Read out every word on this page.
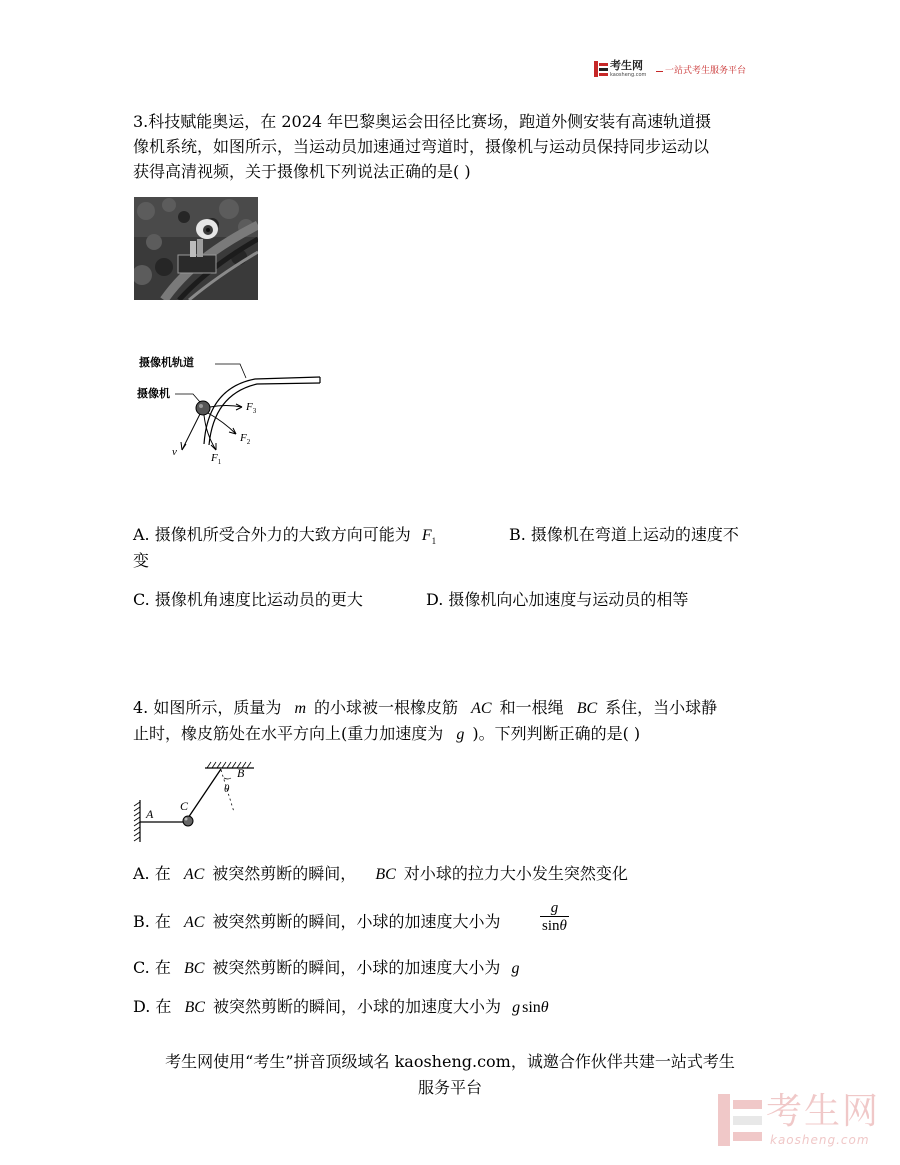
考生网
kaosheng.com 一站式考生服务平台
3.科技赋能奥运，在 2024 年巴黎奥运会田径比赛场，跑道外侧安装有高速轨道摄
像机系统，如图所示，当运动员加速通过弯道时，摄像机与运动员保持同步运动以
获得高清视频，关于摄像机下列说法正确的是( )
摄像机轨道
摄像机
v	$F_1$
$F_2$
$F_3$
A. 摄像机所受合外力的大致方向可能为 $F_1$	B. 摄像机在弯道上运动的速度不
变
C. 摄像机角速度比运动员的更大	D. 摄像机向心加速度与运动员的相等
4. 如图所示，质量为 m 的小球被一根橡皮筋 AC 和一根绳 BC 系住，当小球静
止时，橡皮筋处在水平方向上(重力加速度为 g )。下列判断正确的是( )
A
B
C
θ
A. 在 AC 被突然剪断的瞬间， BC 对小球的拉力大小发生突然变化
B. 在 AC 被突然剪断的瞬间，小球的加速度大小为	$\frac{g}{\sin\theta}$
C. 在 BC 被突然剪断的瞬间，小球的加速度大小为 g
D. 在 BC 被突然剪断的瞬间，小球的加速度大小为 g sinθ
考生网使用“考生”拼音顶级域名 kaosheng.com，诚邀合作伙伴共建一站式考生
服务平台
考生网
kaosheng.com
